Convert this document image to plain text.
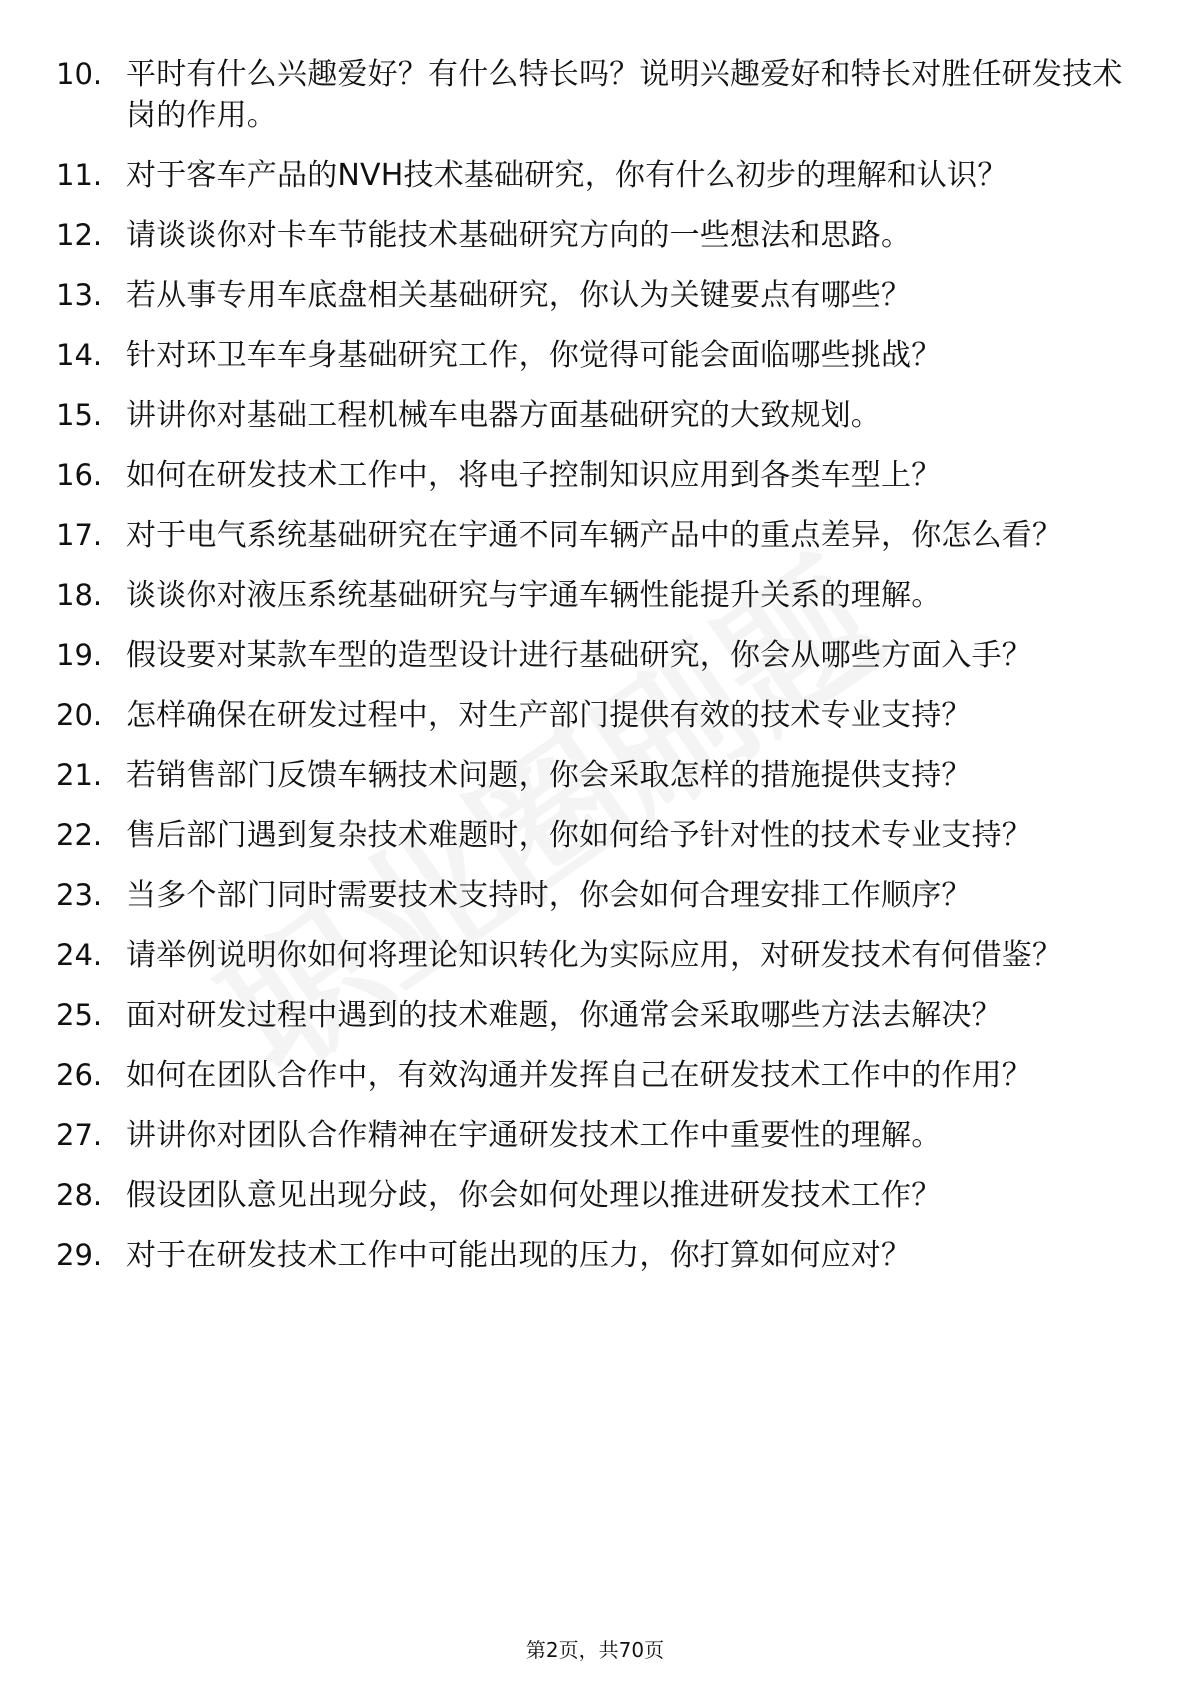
10. 平时有什么兴趣爱好？有什么特长吗？说明兴趣爱好和特长对胜任研发技术岗的作用。
11. 对于客车产品的NVH技术基础研究，你有什么初步的理解和认识？
12. 请谈谈你对卡车节能技术基础研究方向的一些想法和思路。
13. 若从事专用车底盘相关基础研究，你认为关键要点有哪些？
14. 针对环卫车车身基础研究工作，你觉得可能会面临哪些挑战？
15. 讲讲你对基础工程机械车电器方面基础研究的大致规划。
16. 如何在研发技术工作中，将电子控制知识应用到各类车型上？
17. 对于电气系统基础研究在宇通不同车辆产品中的重点差异，你怎么看？
18. 谈谈你对液压系统基础研究与宇通车辆性能提升关系的理解。
19. 假设要对某款车型的造型设计进行基础研究，你会从哪些方面入手？
20. 怎样确保在研发过程中，对生产部门提供有效的技术专业支持？
21. 若销售部门反馈车辆技术问题，你会采取怎样的措施提供支持？
22. 售后部门遇到复杂技术难题时，你如何给予针对性的技术专业支持？
23. 当多个部门同时需要技术支持时，你会如何合理安排工作顺序？
24. 请举例说明你如何将理论知识转化为实际应用，对研发技术有何借鉴？
25. 面对研发过程中遇到的技术难题，你通常会采取哪些方法去解决？
26. 如何在团队合作中，有效沟通并发挥自己在研发技术工作中的作用？
27. 讲讲你对团队合作精神在宇通研发技术工作中重要性的理解。
28. 假设团队意见出现分歧，你会如何处理以推进研发技术工作？
29. 对于在研发技术工作中可能出现的压力，你打算如何应对？
第2页，共70页
